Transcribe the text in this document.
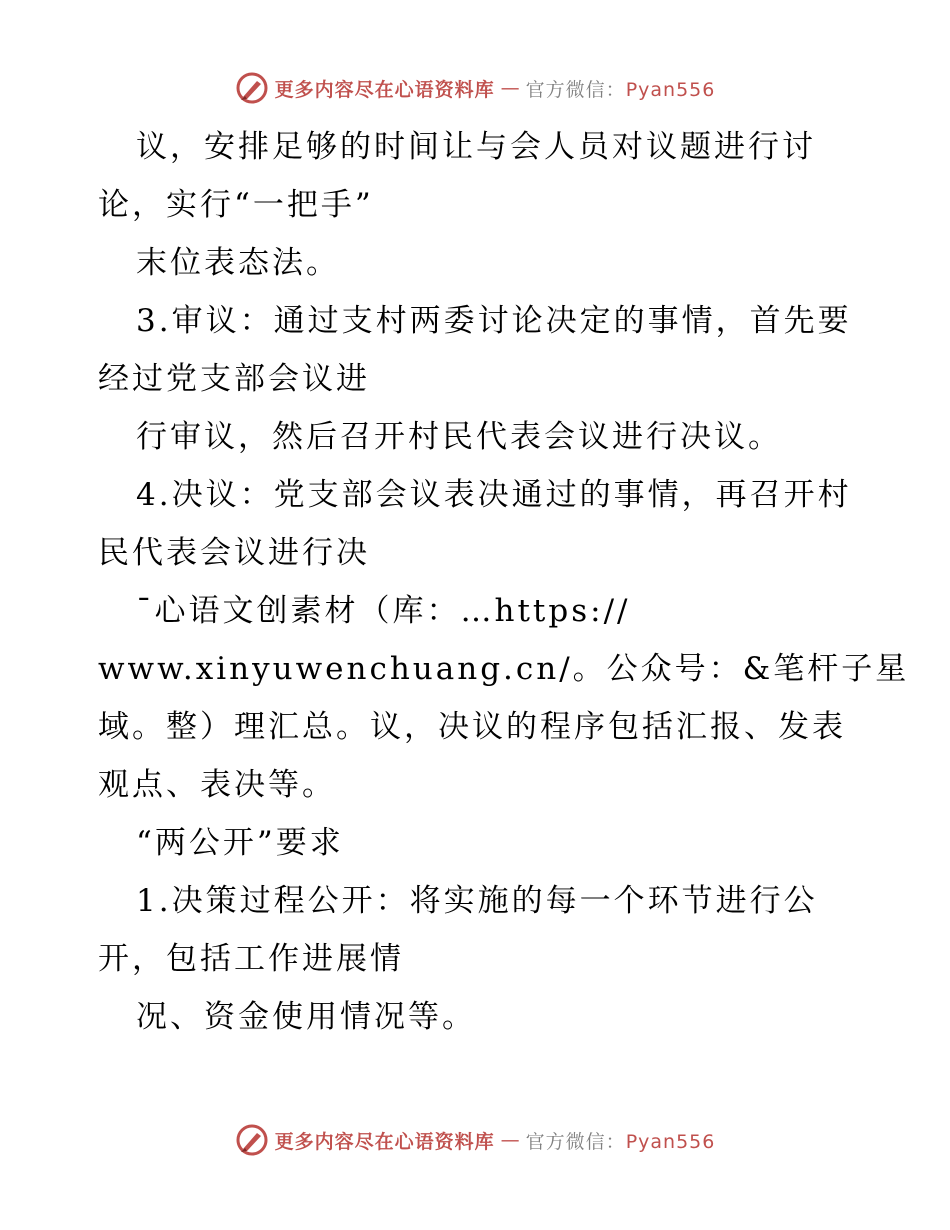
更多内容尽在心语资料库 — 官方微信：Pyan556
议，安排足够的时间让与会人员对议题进行讨
论，实行“一把手”
末位表态法。
3.审议：通过支村两委讨论决定的事情，首先要
经过党支部会议进
行审议，然后召开村民代表会议进行决议。
4.决议：党支部会议表决通过的事情，再召开村
民代表会议进行决
¯心语文创素材（库：…https://
www.xinyuwenchuang.cn/。公众号：&笔杆子星
域。整）理汇总。议，决议的程序包括汇报、发表
观点、表决等。
“两公开”要求
1.决策过程公开：将实施的每一个环节进行公
开，包括工作进展情
况、资金使用情况等。
更多内容尽在心语资料库 — 官方微信：Pyan556
